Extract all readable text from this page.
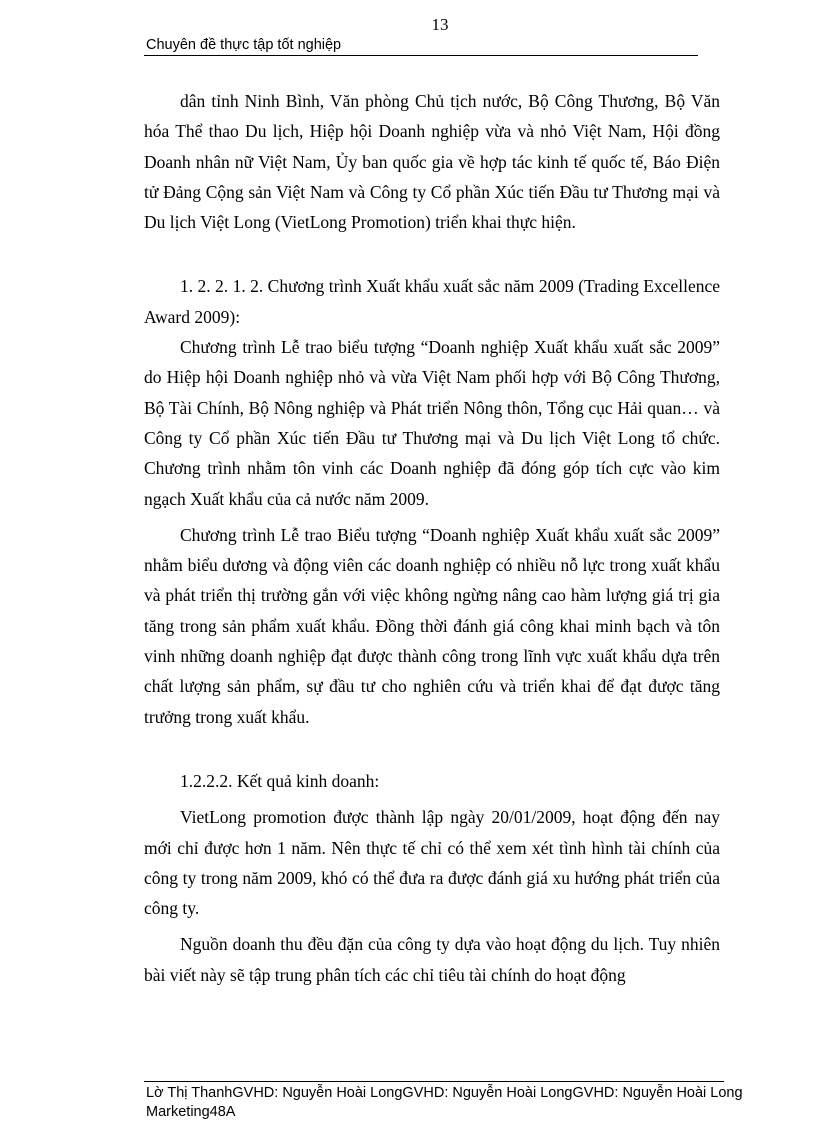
13
Chuyên đề thực tập tốt nghiệp

dân tỉnh Ninh Bình, Văn phòng Chủ tịch nước, Bộ Công Thương, Bộ Văn hóa Thể thao Du lịch, Hiệp hội Doanh nghiệp vừa và nhỏ Việt Nam, Hội đồng Doanh nhân nữ Việt Nam, Ủy ban quốc gia về hợp tác kinh tế quốc tế, Báo Điện tử Đảng Cộng sản Việt Nam và Công ty Cổ phần Xúc tiến Đầu tư Thương mại và Du lịch Việt Long (VietLong Promotion) triển khai thực hiện.

1. 2. 2. 1. 2. Chương trình Xuất khẩu xuất sắc năm 2009 (Trading Excellence Award 2009):

Chương trình Lễ trao biểu tượng “Doanh nghiệp Xuất khẩu xuất sắc 2009” do Hiệp hội Doanh nghiệp nhỏ và vừa Việt Nam phối hợp với Bộ Công Thương, Bộ Tài Chính, Bộ Nông nghiệp và Phát triển Nông thôn, Tổng cục Hải quan… và Công ty Cổ phần Xúc tiến Đầu tư Thương mại và Du lịch Việt Long tổ chức. Chương trình nhằm tôn vinh các Doanh nghiệp đã đóng góp tích cực vào kim ngạch Xuất khẩu của cả nước năm 2009.

Chương trình Lễ trao Biểu tượng “Doanh nghiệp Xuất khẩu xuất sắc 2009” nhằm biểu dương và động viên các doanh nghiệp có nhiều nỗ lực trong xuất khẩu và phát triển thị trường gắn với việc không ngừng nâng cao hàm lượng giá trị gia tăng trong sản phẩm xuất khẩu. Đồng thời đánh giá công khai minh bạch và tôn vinh những doanh nghiệp đạt được thành công trong lĩnh vực xuất khẩu dựa trên chất lượng sản phẩm, sự đầu tư cho nghiên cứu và triển khai để đạt được tăng trưởng trong xuất khẩu.

1.2.2.2. Kết quả kinh doanh:

VietLong promotion được thành lập ngày 20/01/2009, hoạt động đến nay mới chỉ được hơn 1 năm. Nên thực tế chỉ có thể xem xét tình hình tài chính của công ty trong năm 2009, khó có thể đưa ra được đánh giá xu hướng phát triển của công ty.

Nguồn doanh thu đều đặn của công ty dựa vào hoạt động du lịch. Tuy nhiên bài viết này sẽ tập trung phân tích các chỉ tiêu tài chính do hoạt động

Lờ Thị ThanhGVHD: Nguyễn Hoài LongGVHD: Nguyễn Hoài LongGVHD: Nguyễn Hoài Long
Marketing48A
